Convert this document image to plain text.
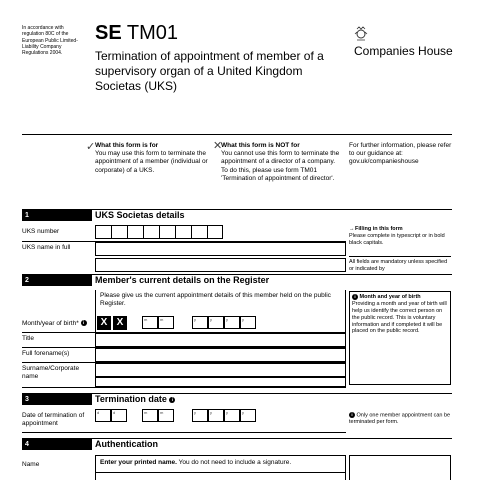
In accordance with regulation 80C of the European Public Limited-Liability Company Regulations 2004.
SE TM01
Termination of appointment of member of a supervisory organ of a United Kingdom Societas (UKS)
Companies House
✓ What this form is for
You may use this form to terminate the appointment of a member (individual or corporate) of a UKS.
✕
What this form is NOT for
You cannot use this form to terminate the appointment of a director of a company. To do this, please use form TM01 'Termination of appointment of director'.
For further information, please refer to our guidance at: gov.uk/companieshouse
1	UKS Societas details
UKS number
UKS name in full
→Filling in this form
Please complete in typescript or in bold black capitals.
All fields are mandatory unless specified or indicated by
2	Member's current details on the Register
Please give us the current appointment details of this member held on the public Register.
Month/year of birth* i	X X	m	m	y	y	y	y
Title
Full forename(s)
Surname/Corporate name
i Month and year of birth
Providing a month and year of birth will help us identify the correct person on the public record. This is voluntary information and if completed it will be placed on the public record.
3	Termination date i
Date of termination of appointment
d	d	m	m	y	y	y	y	i Only one member appointment can be terminated per form.
4	Authentication
Name	Enter your printed name. You do not need to include a signature.
